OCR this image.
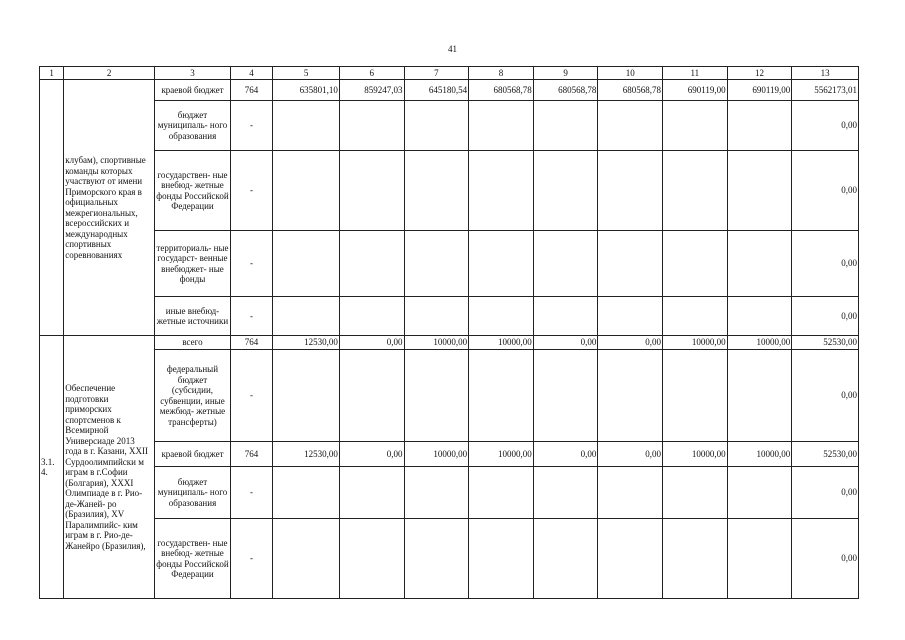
41
1	2	3	4	5	6	7	8	9	10	11	12	13
	клубам), спортивные команды которых участвуют от имени Приморского края в официальных межрегиональных, всероссийских и международных спортивных соревнованиях	краевой бюджет	764	635801,10	859247,03	645180,54	680568,78	680568,78	680568,78	690119,00	690119,00	5562173,01
		бюджет муниципаль- ного образования	-									0,00
		государствен- ные внебюд- жетные фонды Российской Федерации	-									0,00
		территориаль- ные государст- венные внебюджет- ные фонды	-									0,00
		иные внебюд- жетные источники	-									0,00
3.1. 4.	Обеспечение подготовки приморских спортсменов к Всемирной Универсиаде 2013 года в г. Казани, XXII Сурдоолимпийски м играм в г.Софии (Болгария), XXXI Олимпиаде в г. Рио-де-Жаней- ро (Бразилия), XV Паралимпийс- ким играм в г. Рио-де-Жанейро (Бразилия),	всего	764	12530,00	0,00	10000,00	10000,00	0,00	0,00	10000,00	10000,00	52530,00
		федеральный бюджет (субсидии, субвенции, иные межбюд- жетные трансферты)	-									0,00
		краевой бюджет	764	12530,00	0,00	10000,00	10000,00	0,00	0,00	10000,00	10000,00	52530,00
		бюджет муниципаль- ного образования	-									0,00
		государствен- ные внебюд- жетные фонды Российской Федерации	-									0,00
